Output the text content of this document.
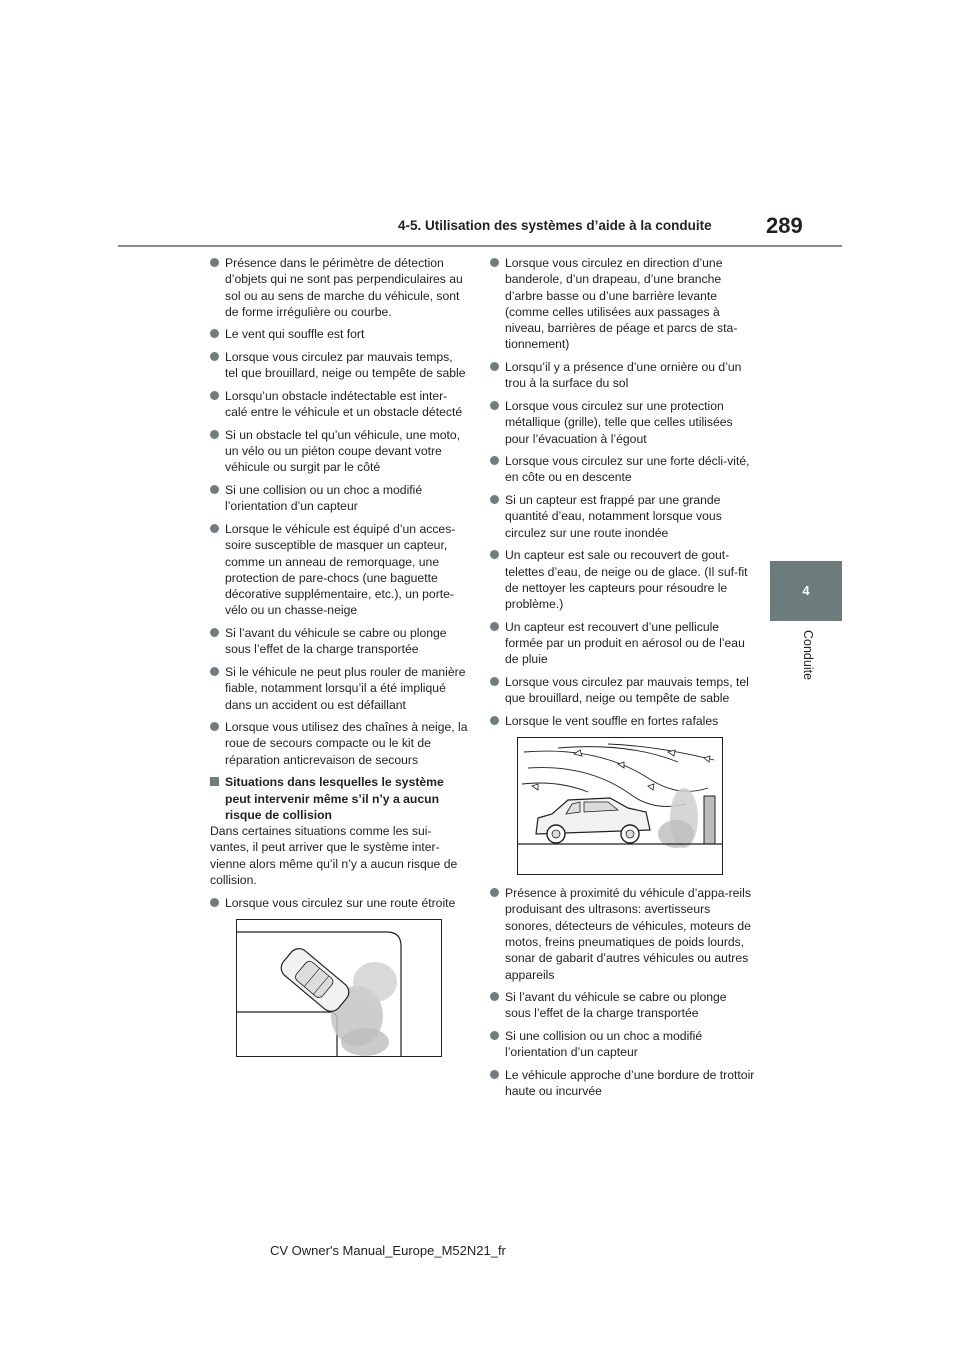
4-5. Utilisation des systèmes d’aide à la conduite 289
4
Conduite
Présence dans le périmètre de détection d’objets qui ne sont pas perpendiculaires au sol ou au sens de marche du véhicule, sont de forme irrégulière ou courbe.
Le vent qui souffle est fort
Lorsque vous circulez par mauvais temps, tel que brouillard, neige ou tempête de sable
Lorsqu’un obstacle indétectable est inter-calé entre le véhicule et un obstacle détecté
Si un obstacle tel qu’un véhicule, une moto, un vélo ou un piéton coupe devant votre véhicule ou surgit par le côté
Si une collision ou un choc a modifié l’orientation d’un capteur
Lorsque le véhicule est équipé d’un acces-soire susceptible de masquer un capteur, comme un anneau de remorquage, une protection de pare-chocs (une baguette décorative supplémentaire, etc.), un porte-vélo ou un chasse-neige
Si l’avant du véhicule se cabre ou plonge sous l’effet de la charge transportée
Si le véhicule ne peut plus rouler de manière fiable, notamment lorsqu’il a été impliqué dans un accident ou est défaillant
Lorsque vous utilisez des chaînes à neige, la roue de secours compacte ou le kit de réparation anticrevaison de secours
Situations dans lesquelles le système peut intervenir même s’il n’y a aucun risque de collision
Dans certaines situations comme les sui-vantes, il peut arriver que le système inter-vienne alors même qu’il n’y a aucun risque de collision.
Lorsque vous circulez sur une route étroite
Lorsque vous circulez en direction d’une banderole, d’un drapeau, d’une branche d’arbre basse ou d’une barrière levante (comme celles utilisées aux passages à niveau, barrières de péage et parcs de sta-tionnement)
Lorsqu’il y a présence d’une ornière ou d’un trou à la surface du sol
Lorsque vous circulez sur une protection métallique (grille), telle que celles utilisées pour l’évacuation à l’égout
Lorsque vous circulez sur une forte décli-vité, en côte ou en descente
Si un capteur est frappé par une grande quantité d’eau, notamment lorsque vous circulez sur une route inondée
Un capteur est sale ou recouvert de gout-telettes d’eau, de neige ou de glace. (Il suf-fit de nettoyer les capteurs pour résoudre le problème.)
Un capteur est recouvert d’une pellicule formée par un produit en aérosol ou de l’eau de pluie
Lorsque vous circulez par mauvais temps, tel que brouillard, neige ou tempête de sable
Lorsque le vent souffle en fortes rafales
Présence à proximité du véhicule d’appa-reils produisant des ultrasons: avertisseurs sonores, détecteurs de véhicules, moteurs de motos, freins pneumatiques de poids lourds, sonar de gabarit d’autres véhicules ou autres appareils
Si l’avant du véhicule se cabre ou plonge sous l’effet de la charge transportée
Si une collision ou un choc a modifié l’orientation d’un capteur
Le véhicule approche d’une bordure de trottoir haute ou incurvée
CV Owner's Manual_Europe_M52N21_fr
